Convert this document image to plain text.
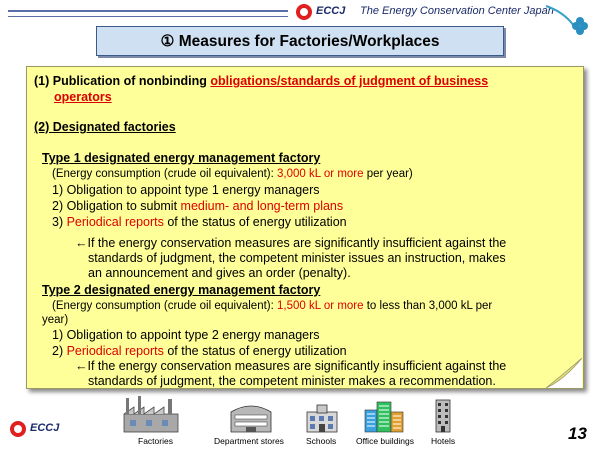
ECCJ The Energy Conservation Center Japan
① Measures for Factories/Workplaces
(1) Publication of nonbinding obligations/standards of judgment of business
operators
(2) Designated factories
Type 1 designated energy management factory
(Energy consumption (crude oil equivalent): 3,000 kL or more per year)
1) Obligation to appoint type 1 energy managers
2) Obligation to submit medium- and long-term plans
3) Periodical reports of the status of energy utilization
←If the energy conservation measures are significantly insufficient against the
standards of judgment, the competent minister issues an instruction, makes
an announcement and gives an order (penalty).
Type 2 designated energy management factory
(Energy consumption (crude oil equivalent): 1,500 kL or more to less than 3,000 kL per
year)
1) Obligation to appoint type 2 energy managers
2) Periodical reports of the status of energy utilization
←If the energy conservation measures are significantly insufficient against the
standards of judgment, the competent minister makes a recommendation.
ECCJ
Factories	Department stores	Schools Office buildings Hotels	13
